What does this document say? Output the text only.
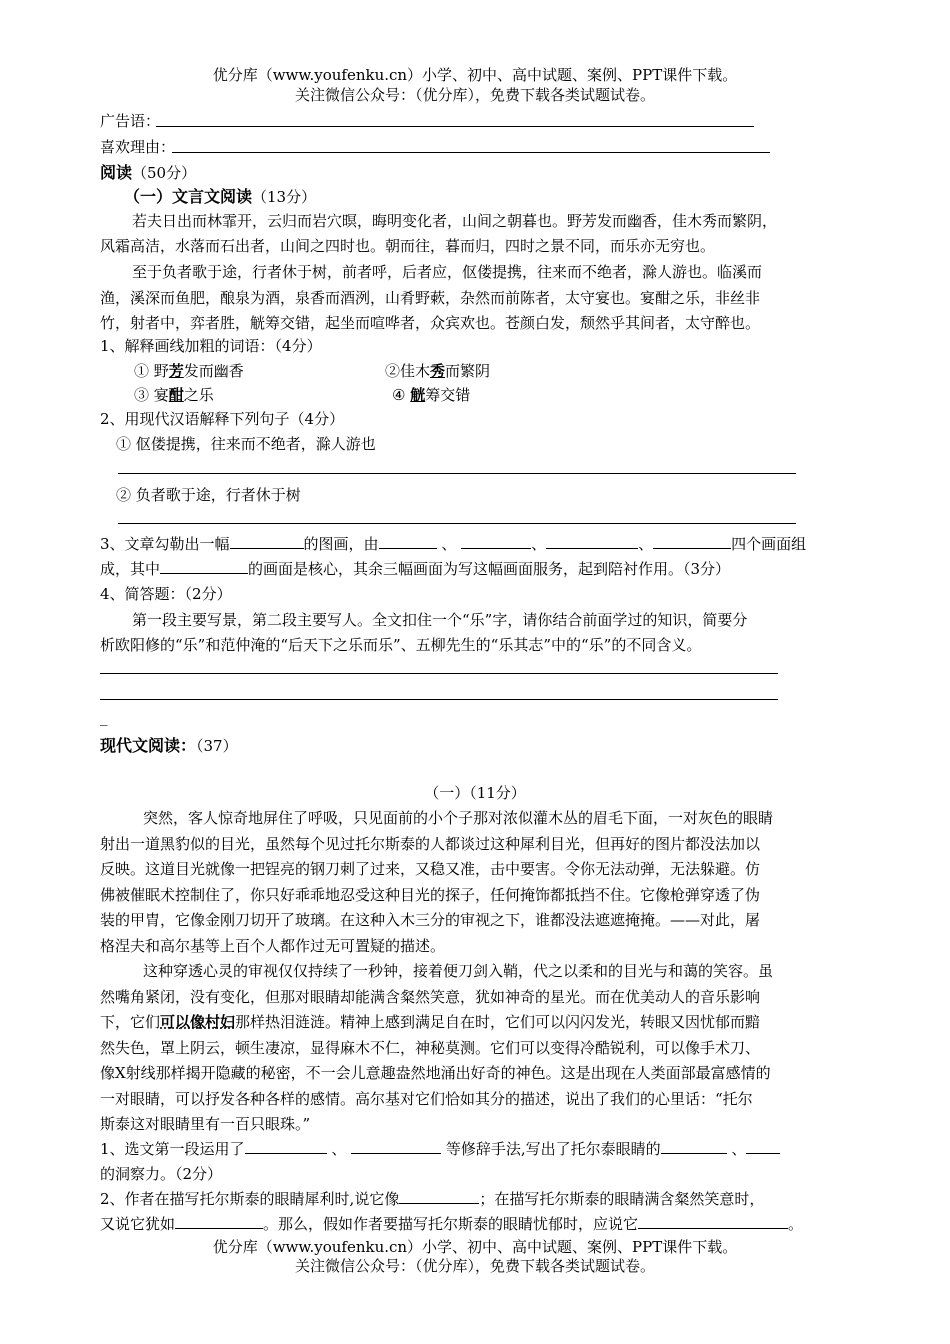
优分库（www.youfenku.cn）小学、初中、高中试题、案例、PPT课件下载。
关注微信公众号：（优分库），免费下载各类试题试卷。
广告语：
喜欢理由：
阅读（50分）
（一）文言文阅读（13分）
若夫日出而林霏开，云归而岩穴暝，晦明变化者，山间之朝暮也。野芳发而幽香，佳木秀而繁阴，
风霜高洁，水落而石出者，山间之四时也。朝而往，暮而归，四时之景不同，而乐亦无穷也。
至于负者歌于途，行者休于树，前者呼，后者应，伛偻提携，往来而不绝者，滁人游也。临溪而
渔，溪深而鱼肥，酿泉为酒，泉香而酒洌，山肴野蔌，杂然而前陈者，太守宴也。宴酣之乐，非丝非
竹，射者中，弈者胜，觥筹交错，起坐而喧哗者，众宾欢也。苍颜白发，颓然乎其间者，太守醉也。
1、解释画线加粗的词语：（4分）
① 野芳发而幽香	②佳木秀而繁阴
③ 宴酣之乐	④ 觥筹交错
2、用现代汉语解释下列句子（4分）
① 伛偻提携，往来而不绝者，滁人游也
② 负者歌于途，行者休于树
3、文章勾勒出一幅	的图画，由	、	、	、	四个画面组
成，其中	的画面是核心，其余三幅画面为写这幅画面服务，起到陪衬作用。（3分）
4、简答题：（2分）
第一段主要写景，第二段主要写人。全文扣住一个“乐”字，请你结合前面学过的知识，简要分
析欧阳修的“乐”和范仲淹的“后天下之乐而乐”、五柳先生的“乐其志”中的“乐”的不同含义。
_
现代文阅读：（37）
（一）（11分）
突然，客人惊奇地屏住了呼吸，只见面前的小个子那对浓似灌木丛的眉毛下面，一对灰色的眼睛
射出一道黑豹似的目光，虽然每个见过托尔斯泰的人都谈过这种犀利目光，但再好的图片都没法加以
反映。这道目光就像一把锃亮的钢刀刺了过来，又稳又准，击中要害。令你无法动弹，无法躲避。仿
佛被催眠术控制住了，你只好乖乖地忍受这种目光的探子，任何掩饰都抵挡不住。它像枪弹穿透了伪
装的甲胄，它像金刚刀切开了玻璃。在这种入木三分的审视之下，谁都没法遮遮掩掩。——对此，屠
格涅夫和高尔基等上百个人都作过无可置疑的描述。
这种穿透心灵的审视仅仅持续了一秒钟，接着便刀剑入鞘，代之以柔和的目光与和蔼的笑容。虽
然嘴角紧闭，没有变化，但那对眼睛却能满含粲然笑意，犹如神奇的星光。而在优美动人的音乐影响
下，它们可以像村妇那样热泪涟涟。精神上感到满足自在时，它们可以闪闪发光，转眼又因忧郁而黯
然失色，罩上阴云，顿生凄凉，显得麻木不仁，神秘莫测。它们可以变得冷酷锐利，可以像手术刀、
像X射线那样揭开隐藏的秘密，不一会儿意趣盎然地涌出好奇的神色。这是出现在人类面部最富感情的
一对眼睛，可以抒发各种各样的感情。高尔基对它们恰如其分的描述，说出了我们的心里话：“托尔
斯泰这对眼睛里有一百只眼珠。”
1、选文第一段运用了	、	等修辞手法,写出了托尔泰眼睛的	、
的洞察力。（2分）
2、作者在描写托尔斯泰的眼睛犀利时,说它像	；在描写托尔斯泰的眼睛满含粲然笑意时，
又说它犹如	。那么，假如作者要描写托尔斯泰的眼睛忧郁时，应说它	。
优分库（www.youfenku.cn）小学、初中、高中试题、案例、PPT课件下载。
关注微信公众号：（优分库），免费下载各类试题试卷。
